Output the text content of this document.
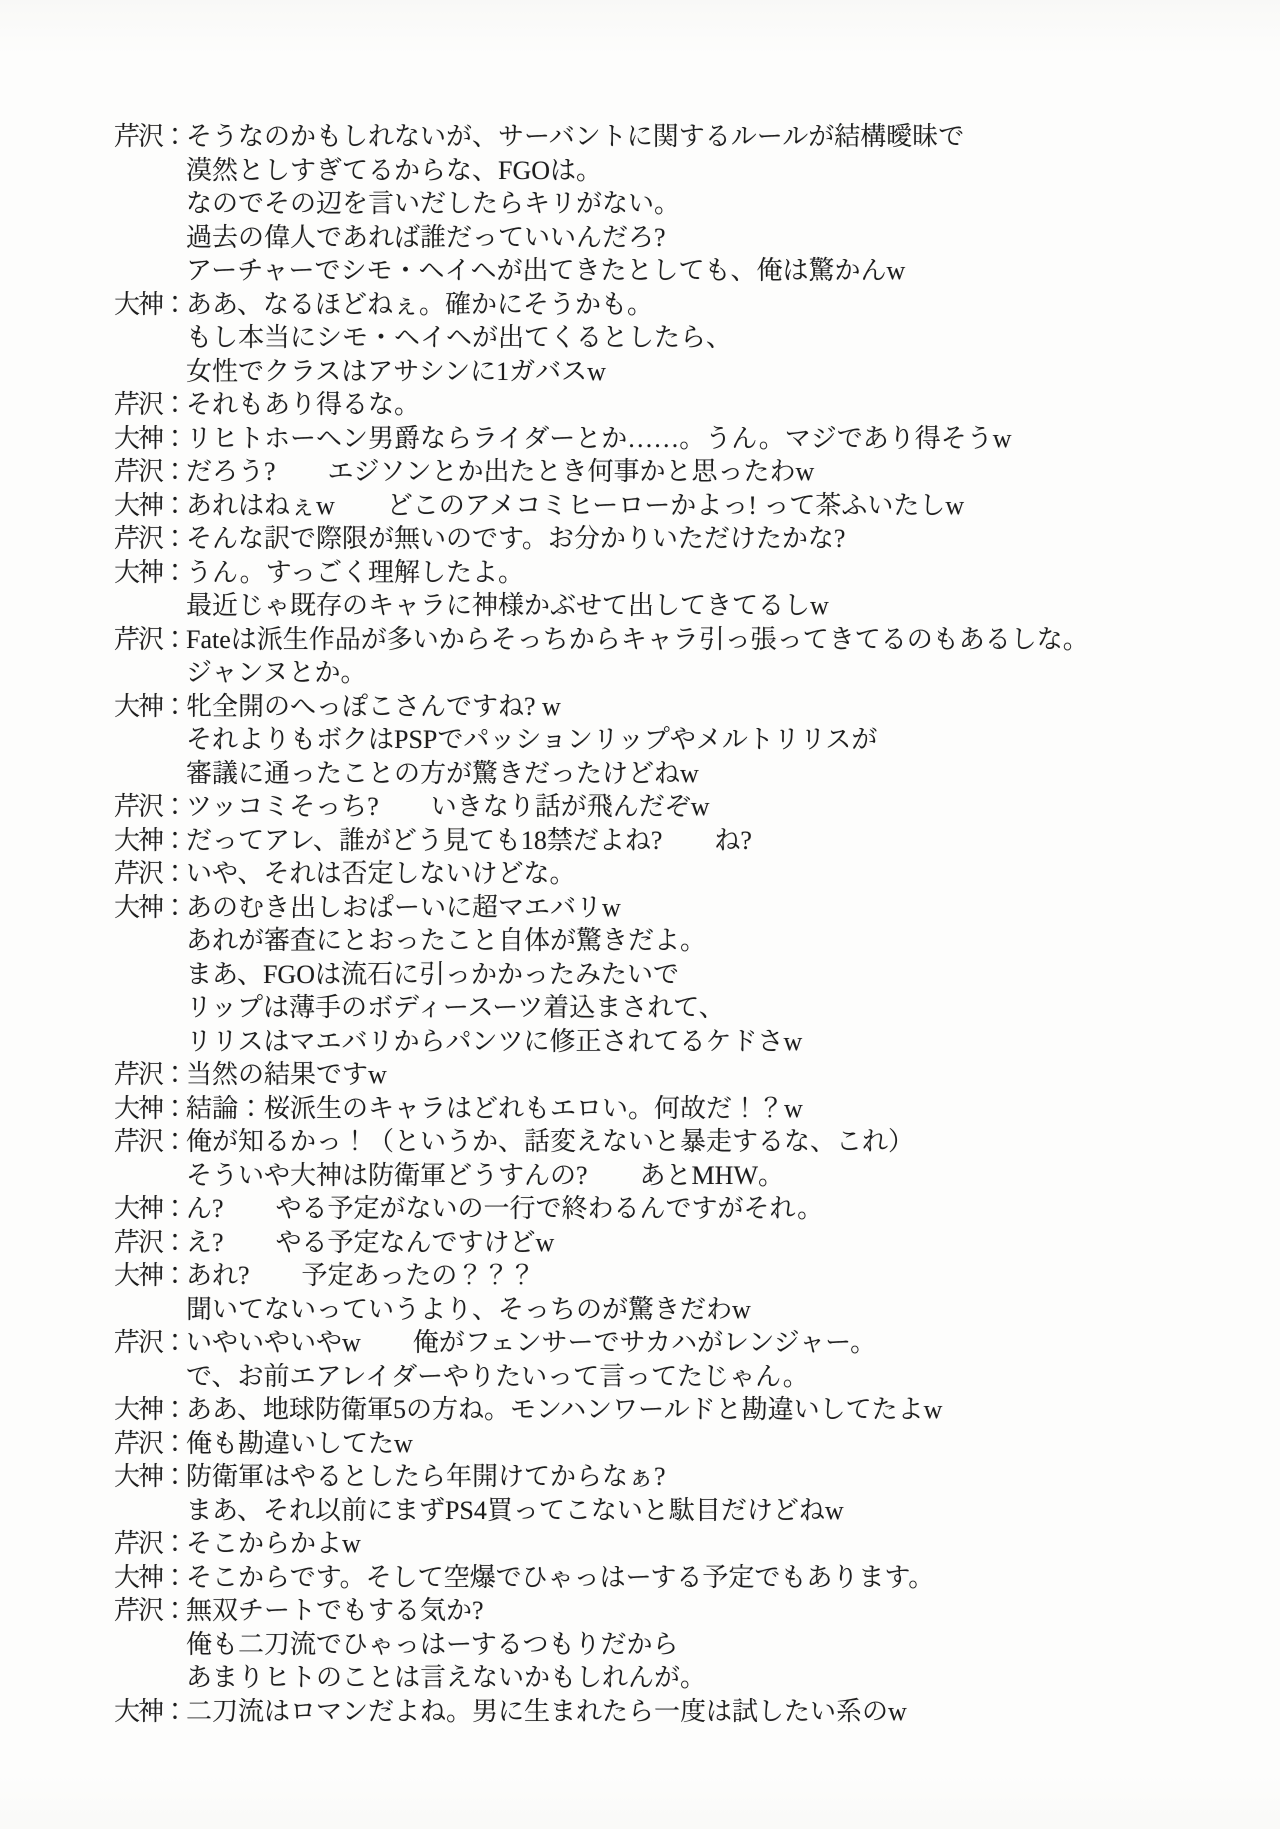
芹沢： そうなのかもしれないが、サーバントに関するルールが結構曖昧で
漠然としすぎてるからな、FGOは。
なのでその辺を言いだしたらキリがない。
過去の偉人であれば誰だっていいんだろ?
アーチャーでシモ・ヘイヘが出てきたとしても、俺は驚かんw
大神： ああ、なるほどねぇ。確かにそうかも。
もし本当にシモ・ヘイヘが出てくるとしたら、
女性でクラスはアサシンに1ガバスw
芹沢： それもあり得るな。
大神： リヒトホーヘン男爵ならライダーとか……。うん。マジであり得そうw
芹沢： だろう?　　エジソンとか出たとき何事かと思ったわw
大神： あれはねぇw　　どこのアメコミヒーローかよっ! って茶ふいたしw
芹沢： そんな訳で際限が無いのです。お分かりいただけたかな?
大神： うん。すっごく理解したよ。
最近じゃ既存のキャラに神様かぶせて出してきてるしw
芹沢： Fateは派生作品が多いからそっちからキャラ引っ張ってきてるのもあるしな。
ジャンヌとか。
大神： 牝全開のへっぽこさんですね? w
それよりもボクはPSPでパッションリップやメルトリリスが
審議に通ったことの方が驚きだったけどねw
芹沢： ツッコミそっち?　　いきなり話が飛んだぞw
大神： だってアレ、誰がどう見ても18禁だよね?　　ね?
芹沢： いや、それは否定しないけどな。
大神： あのむき出しおぱーいに超マエバリw
あれが審査にとおったこと自体が驚きだよ。
まあ、FGOは流石に引っかかったみたいで
リップは薄手のボディースーツ着込まされて、
リリスはマエバリからパンツに修正されてるケドさw
芹沢： 当然の結果ですw
大神： 結論：桜派生のキャラはどれもエロい。何故だ！？w
芹沢： 俺が知るかっ！（というか、話変えないと暴走するな、これ）
そういや大神は防衛軍どうすんの?　　あとMHW。
大神： ん?　　やる予定がないの一行で終わるんですがそれ。
芹沢： え?　　やる予定なんですけどw
大神： あれ?　　予定あったの？？？
聞いてないっていうより、そっちのが驚きだわw
芹沢： いやいやいやw　　俺がフェンサーでサカハがレンジャー。
で、お前エアレイダーやりたいって言ってたじゃん。
大神： ああ、地球防衛軍5の方ね。モンハンワールドと勘違いしてたよw
芹沢： 俺も勘違いしてたw
大神： 防衛軍はやるとしたら年開けてからなぁ?
まあ、それ以前にまずPS4買ってこないと駄目だけどねw
芹沢： そこからかよw
大神： そこからです。そして空爆でひゃっはーする予定でもあります。
芹沢： 無双チートでもする気か?
俺も二刀流でひゃっはーするつもりだから
あまりヒトのことは言えないかもしれんが。
大神： 二刀流はロマンだよね。男に生まれたら一度は試したい系のw
